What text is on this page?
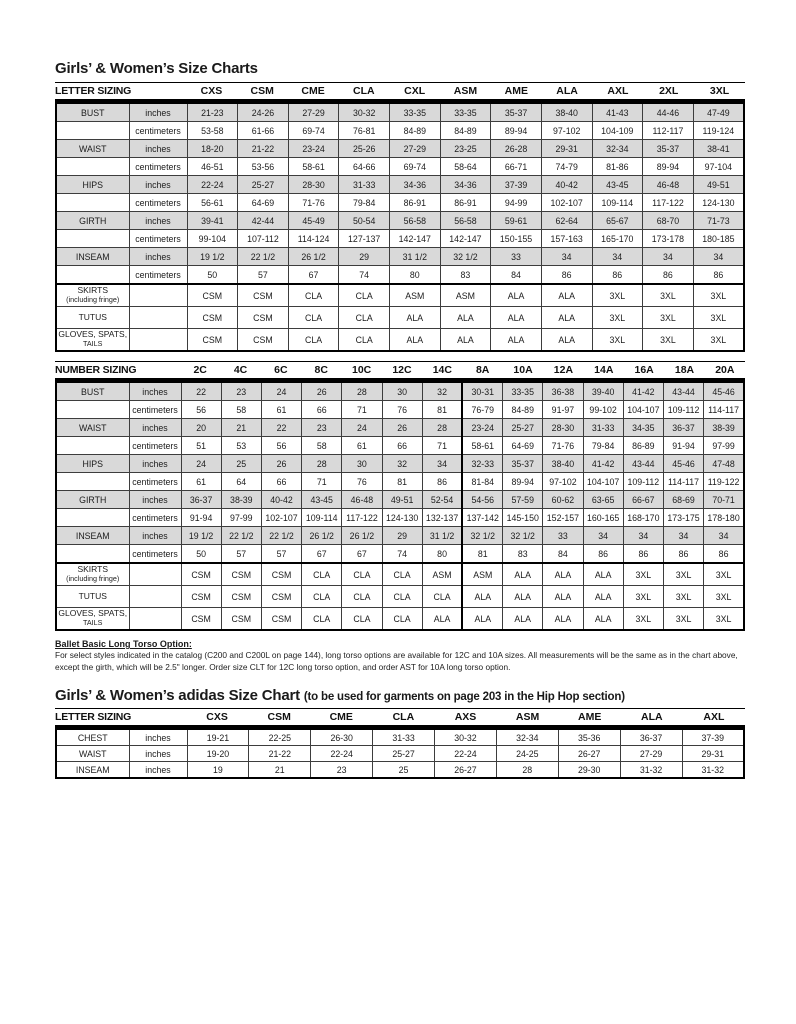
Girls’ & Women’s Size Charts
LETTER SIZING	CXS	CSM	CME	CLA	CXL	ASM	AME	ALA	AXL	2XL	3XL
BUST	inches	21-23	24-26	27-29	30-32	33-35	33-35	35-37	38-40	41-43	44-46	47-49
	centimeters	53-58	61-66	69-74	76-81	84-89	84-89	89-94	97-102	104-109	112-117	119-124
WAIST	inches	18-20	21-22	23-24	25-26	27-29	23-25	26-28	29-31	32-34	35-37	38-41
	centimeters	46-51	53-56	58-61	64-66	69-74	58-64	66-71	74-79	81-86	89-94	97-104
HIPS	inches	22-24	25-27	28-30	31-33	34-36	34-36	37-39	40-42	43-45	46-48	49-51
	centimeters	56-61	64-69	71-76	79-84	86-91	86-91	94-99	102-107	109-114	117-122	124-130
GIRTH	inches	39-41	42-44	45-49	50-54	56-58	56-58	59-61	62-64	65-67	68-70	71-73
	centimeters	99-104	107-112	114-124	127-137	142-147	142-147	150-155	157-163	165-170	173-178	180-185
INSEAM	inches	19 1/2	22 1/2	26 1/2	29	31 1/2	32 1/2	33	34	34	34	34
	centimeters	50	57	67	74	80	83	84	86	86	86	86

SKIRTS
(including fringe)		CSM	CSM	CLA	CLA	ASM	ASM	ALA	ALA	3XL	3XL	3XL

TUTUS		CSM	CSM	CLA	CLA	ALA	ALA	ALA	ALA	3XL	3XL	3XL

GLOVES, SPATS,
TAILS		CSM	CSM	CLA	CLA	ALA	ALA	ALA	ALA	3XL	3XL	3XL
NUMBER SIZING	2C	4C	6C	8C	10C	12C	14C	8A	10A	12A	14A	16A	18A	20A
BUST	inches	22	23	24	26	28	30	32	30-31	33-35	36-38	39-40	41-42	43-44	45-46
	centimeters	56	58	61	66	71	76	81	76-79	84-89	91-97	99-102	104-107	109-112	114-117
WAIST	inches	20	21	22	23	24	26	28	23-24	25-27	28-30	31-33	34-35	36-37	38-39
	centimeters	51	53	56	58	61	66	71	58-61	64-69	71-76	79-84	86-89	91-94	97-99
HIPS	inches	24	25	26	28	30	32	34	32-33	35-37	38-40	41-42	43-44	45-46	47-48
	centimeters	61	64	66	71	76	81	86	81-84	89-94	97-102	104-107	109-112	114-117	119-122
GIRTH	inches	36-37	38-39	40-42	43-45	46-48	49-51	52-54	54-56	57-59	60-62	63-65	66-67	68-69	70-71
	centimeters	91-94	97-99	102-107	109-114	117-122	124-130	132-137	137-142	145-150	152-157	160-165	168-170	173-175	178-180
INSEAM	inches	19 1/2	22 1/2	22 1/2	26 1/2	26 1/2	29	31 1/2	32 1/2	32 1/2	33	34	34	34	34
	centimeters	50	57	57	67	67	74	80	81	83	84	86	86	86	86

SKIRTS
(including fringe)		CSM	CSM	CSM	CLA	CLA	CLA	ASM	ASM	ALA	ALA	ALA	3XL	3XL	3XL

TUTUS		CSM	CSM	CSM	CLA	CLA	CLA	CLA	ALA	ALA	ALA	ALA	3XL	3XL	3XL

GLOVES, SPATS,
TAILS		CSM	CSM	CSM	CLA	CLA	CLA	ALA	ALA	ALA	ALA	ALA	3XL	3XL	3XL
Ballet Basic Long Torso Option:
For select styles indicated in the catalog (C200 and C200L on page 144), long torso options are available for 12C and 10A sizes. All measurements will be the same as in the chart above, except the girth, which will be 2.5" longer. Order size CLT for 12C long torso option, and order AST for 10A long torso option.
Girls’ & Women’s adidas Size Chart (to be used for garments on page 203 in the Hip Hop section)
LETTER SIZING	CXS	CSM	CME	CLA	AXS	ASM	AME	ALA	AXL
CHEST	inches	19-21	22-25	26-30	31-33	30-32	32-34	35-36	36-37	37-39
WAIST	inches	19-20	21-22	22-24	25-27	22-24	24-25	26-27	27-29	29-31
INSEAM	inches	19	21	23	25	26-27	28	29-30	31-32	31-32
